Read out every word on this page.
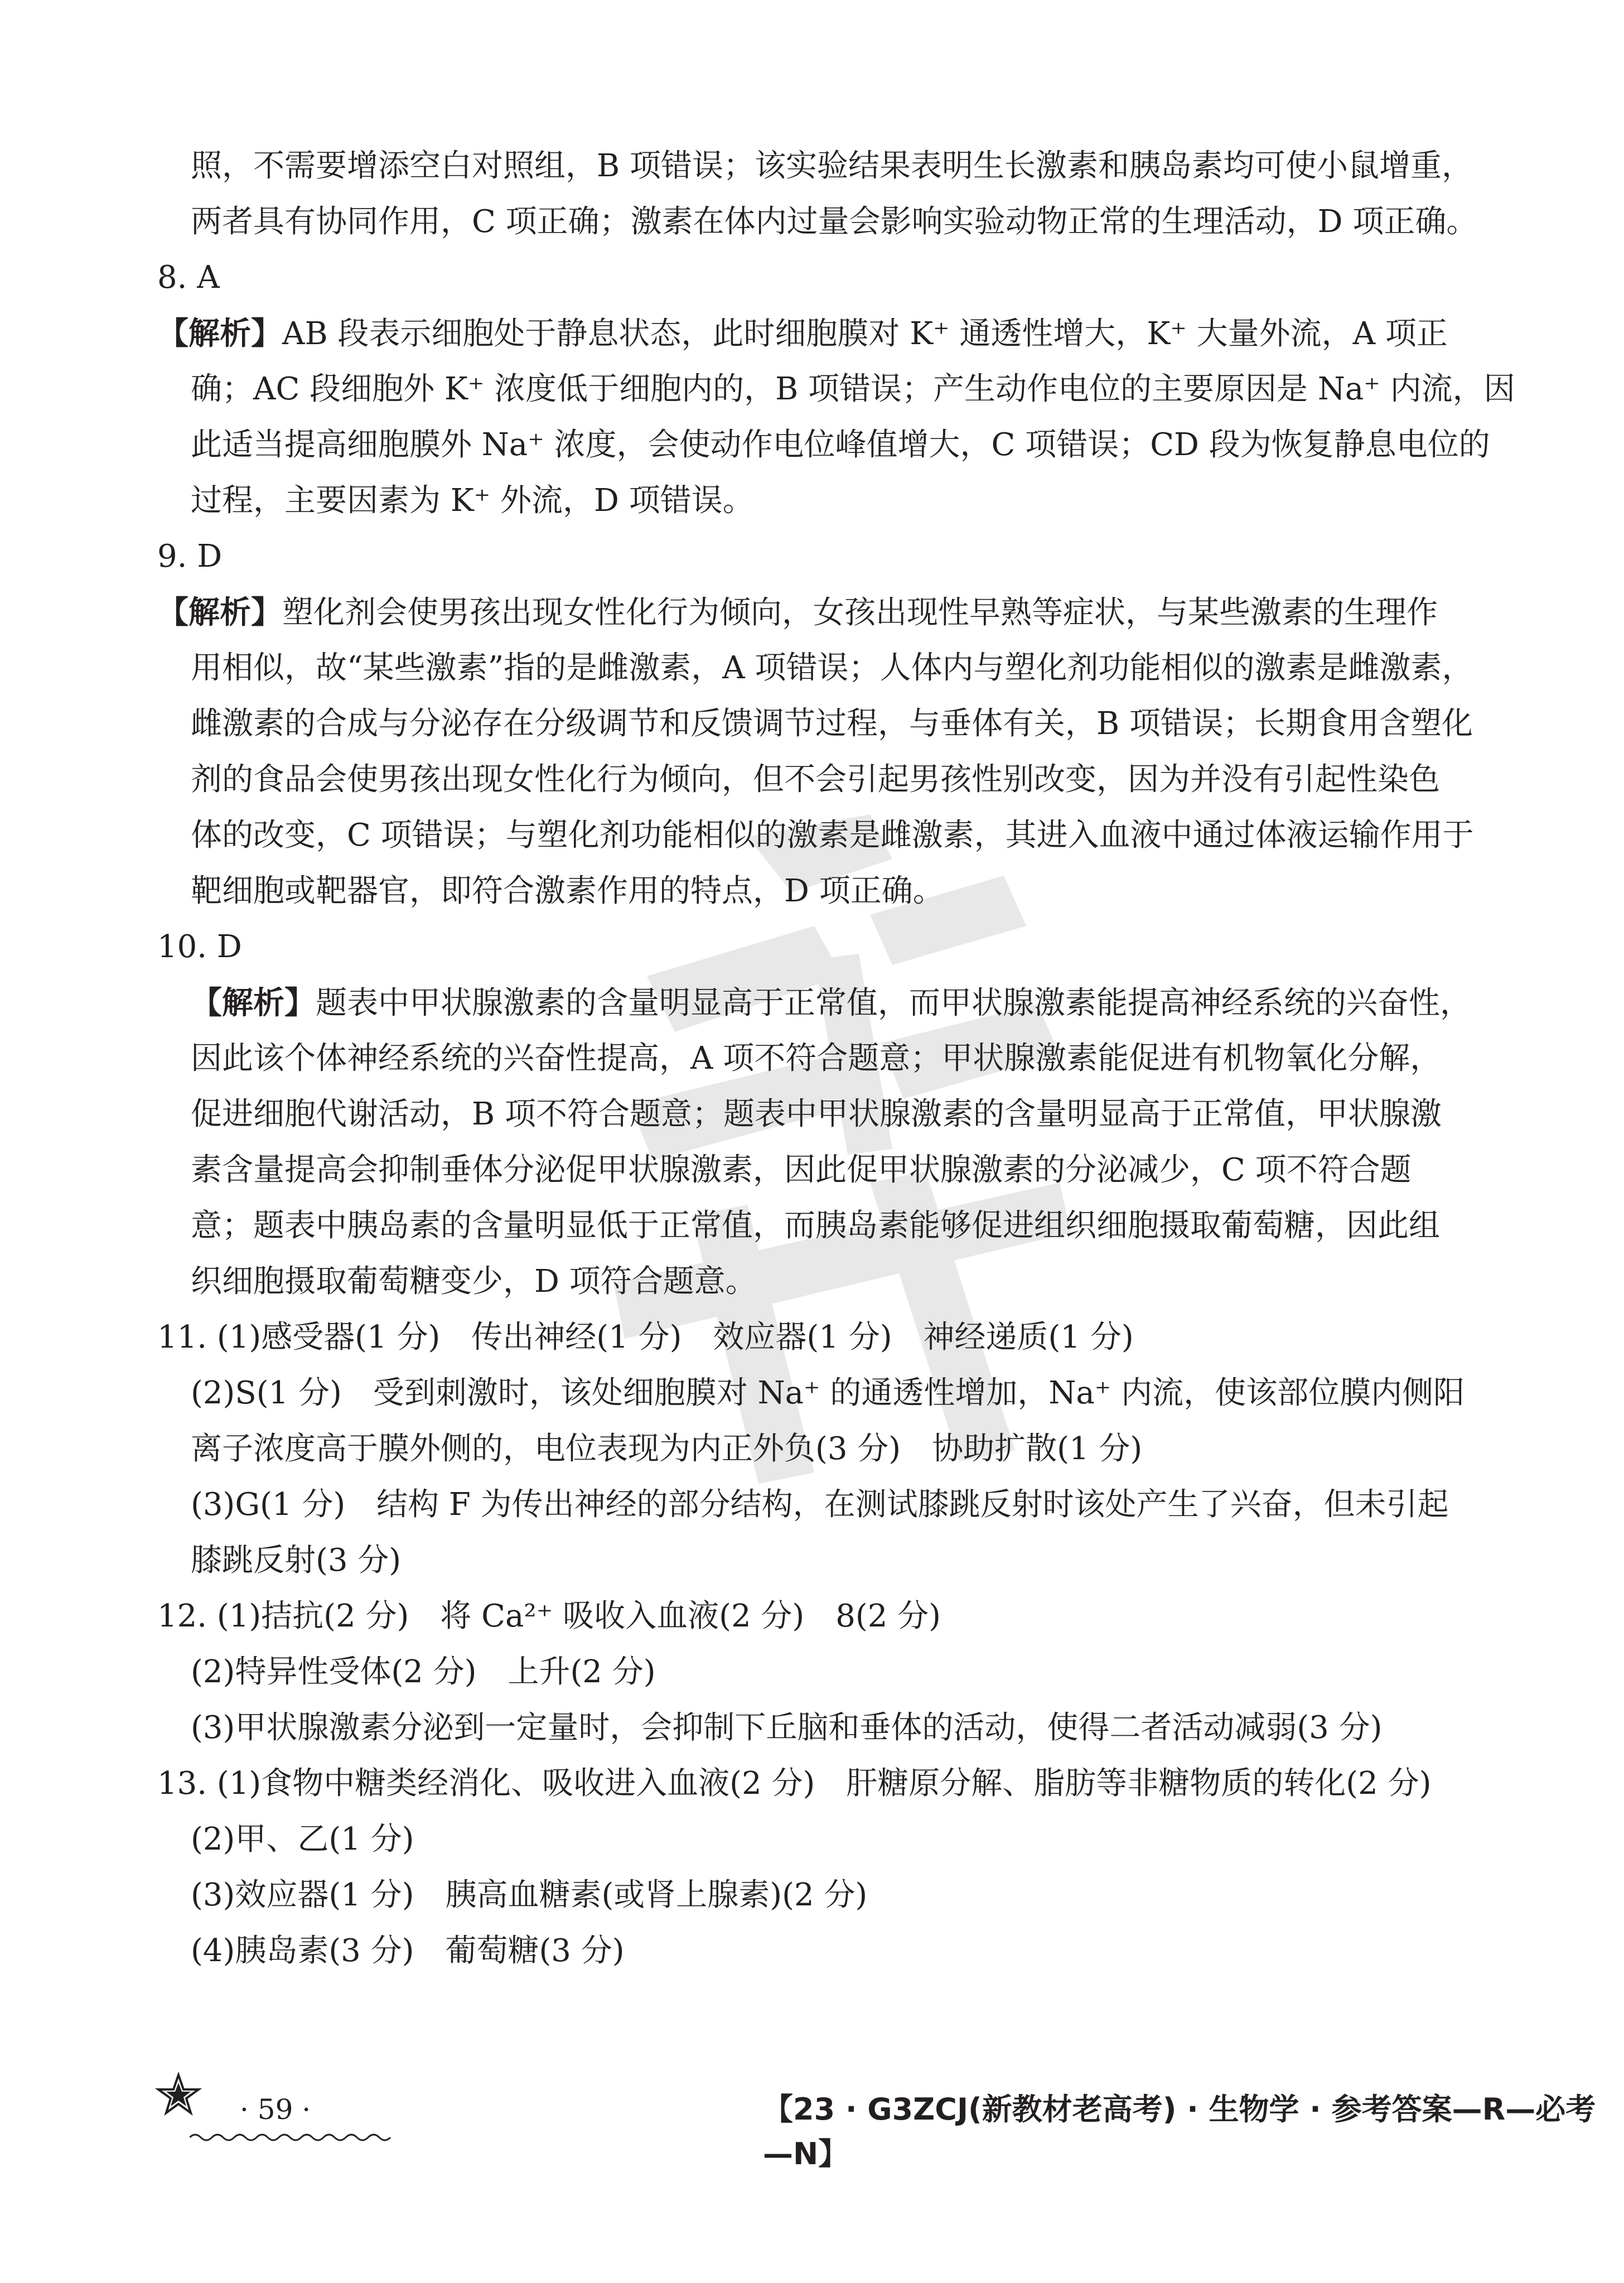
照，不需要增添空白对照组，B 项错误；该实验结果表明生长激素和胰岛素均可使小鼠增重，
两者具有协同作用，C 项正确；激素在体内过量会影响实验动物正常的生理活动，D 项正确。
8. A
【解析】AB 段表示细胞处于静息状态，此时细胞膜对 K⁺ 通透性增大，K⁺ 大量外流，A 项正
确；AC 段细胞外 K⁺ 浓度低于细胞内的，B 项错误；产生动作电位的主要原因是 Na⁺ 内流，因
此适当提高细胞膜外 Na⁺ 浓度，会使动作电位峰值增大，C 项错误；CD 段为恢复静息电位的
过程，主要因素为 K⁺ 外流，D 项错误。
9. D
【解析】塑化剂会使男孩出现女性化行为倾向，女孩出现性早熟等症状，与某些激素的生理作
用相似，故“某些激素”指的是雌激素，A 项错误；人体内与塑化剂功能相似的激素是雌激素，
雌激素的合成与分泌存在分级调节和反馈调节过程，与垂体有关，B 项错误；长期食用含塑化
剂的食品会使男孩出现女性化行为倾向，但不会引起男孩性别改变，因为并没有引起性染色
体的改变，C 项错误；与塑化剂功能相似的激素是雌激素，其进入血液中通过体液运输作用于
靶细胞或靶器官，即符合激素作用的特点，D 项正确。
10. D
【解析】题表中甲状腺激素的含量明显高于正常值，而甲状腺激素能提高神经系统的兴奋性，
因此该个体神经系统的兴奋性提高，A 项不符合题意；甲状腺激素能促进有机物氧化分解，
促进细胞代谢活动，B 项不符合题意；题表中甲状腺激素的含量明显高于正常值，甲状腺激
素含量提高会抑制垂体分泌促甲状腺激素，因此促甲状腺激素的分泌减少，C 项不符合题
意；题表中胰岛素的含量明显低于正常值，而胰岛素能够促进组织细胞摄取葡萄糖，因此组
织细胞摄取葡萄糖变少，D 项符合题意。
11. (1)感受器(1 分)　传出神经(1 分)　效应器(1 分)　神经递质(1 分)
(2)S(1 分)　受到刺激时，该处细胞膜对 Na⁺ 的通透性增加，Na⁺ 内流，使该部位膜内侧阳
离子浓度高于膜外侧的，电位表现为内正外负(3 分)　协助扩散(1 分)
(3)G(1 分)　结构 F 为传出神经的部分结构，在测试膝跳反射时该处产生了兴奋，但未引起
膝跳反射(3 分)
12. (1)拮抗(2 分)　将 Ca²⁺ 吸收入血液(2 分)　8(2 分)
(2)特异性受体(2 分)　上升(2 分)
(3)甲状腺激素分泌到一定量时，会抑制下丘脑和垂体的活动，使得二者活动减弱(3 分)
13. (1)食物中糖类经消化、吸收进入血液(2 分)　肝糖原分解、脂肪等非糖物质的转化(2 分)
(2)甲、乙(1 分)
(3)效应器(1 分)　胰高血糖素(或肾上腺素)(2 分)
(4)胰岛素(3 分)　葡萄糖(3 分)
· 59 ·	【23 · G3ZCJ(新教材老高考) · 生物学 · 参考答案—R—必考—N】
